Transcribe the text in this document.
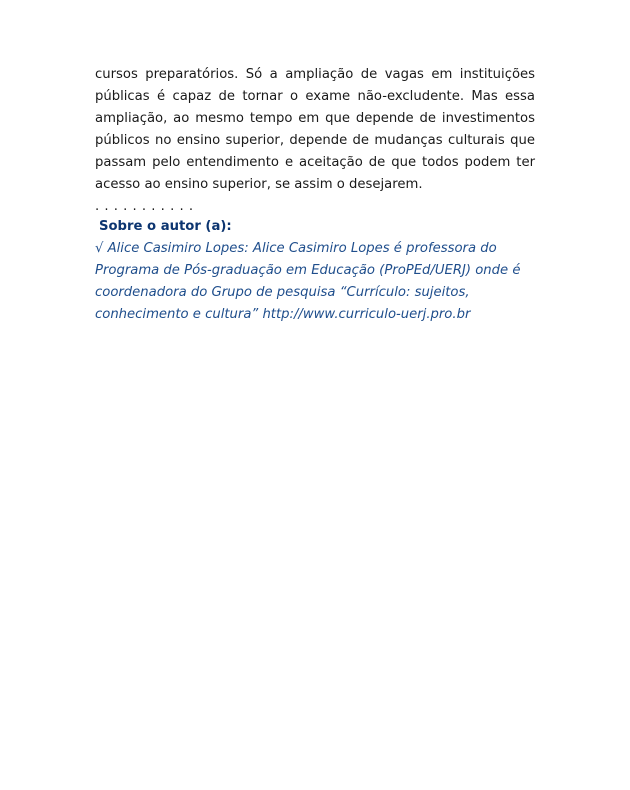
cursos preparatórios. Só a ampliação de vagas em instituições
públicas é capaz de tornar o exame não-excludente. Mas essa
ampliação, ao mesmo tempo em que depende de investimentos
públicos no ensino superior, depende de mudanças culturais que
passam pelo entendimento e aceitação de que todos podem ter
acesso ao ensino superior, se assim o desejarem.
. . . . . . . . . . .
Sobre o autor (a):
√ Alice Casimiro Lopes: Alice Casimiro Lopes é professora do
Programa de Pós-graduação em Educação (ProPEd/UERJ) onde é
coordenadora do Grupo de pesquisa “Currículo: sujeitos,
conhecimento e cultura” http://www.curriculo-uerj.pro.br
